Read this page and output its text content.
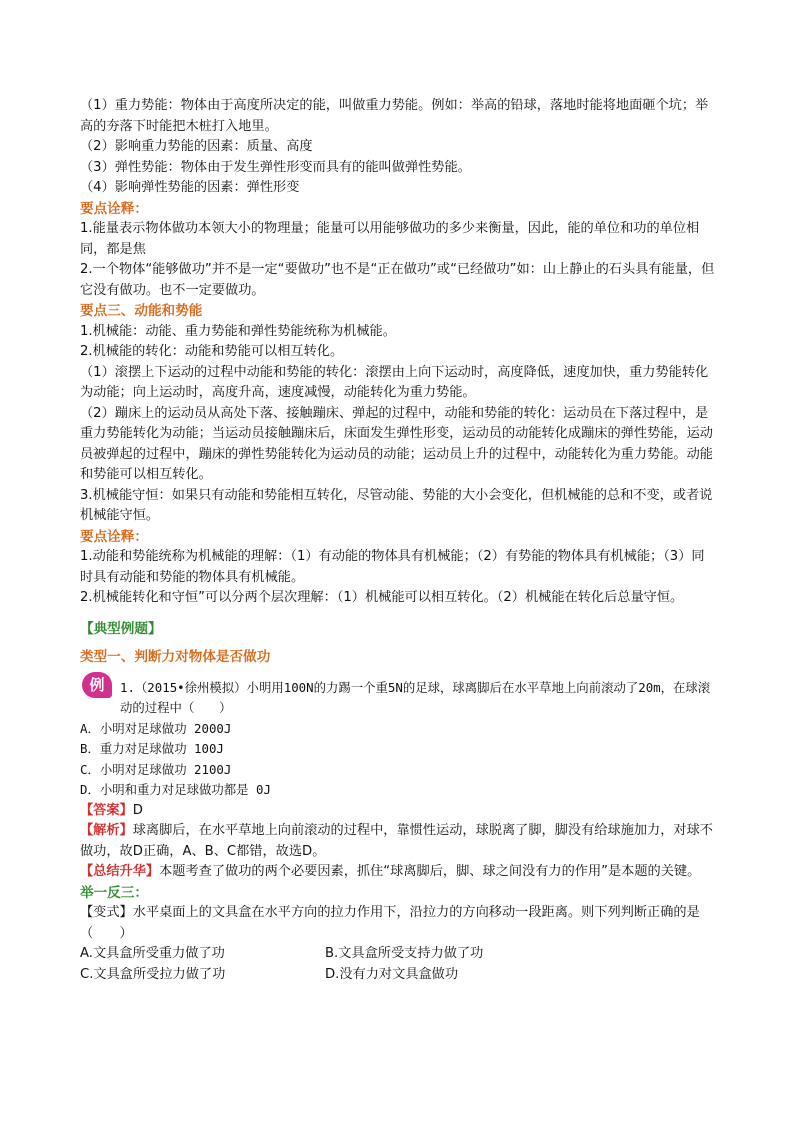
（1）重力势能：物体由于高度所决定的能，叫做重力势能。例如：举高的铅球，落地时能将地面砸个坑；举高的夯落下时能把木桩打入地里。

（2）影响重力势能的因素：质量、高度

（3）弹性势能：物体由于发生弹性形变而具有的能叫做弹性势能。

（4）影响弹性势能的因素：弹性形变

要点诠释：

1.能量表示物体做功本领大小的物理量；能量可以用能够做功的多少来衡量，因此，能的单位和功的单位相同，都是焦

2.一个物体“能够做功”并不是一定“要做功”也不是“正在做功”或“已经做功”如：山上静止的石头具有能量，但它没有做功。也不一定要做功。

要点三、动能和势能

1.机械能：动能、重力势能和弹性势能统称为机械能。

2.机械能的转化：动能和势能可以相互转化。

（1）滚摆上下运动的过程中动能和势能的转化：滚摆由上向下运动时，高度降低，速度加快，重力势能转化为动能；向上运动时，高度升高，速度减慢，动能转化为重力势能。

（2）蹦床上的运动员从高处下落、接触蹦床、弹起的过程中，动能和势能的转化：运动员在下落过程中，是重力势能转化为动能；当运动员接触蹦床后，床面发生弹性形变，运动员的动能转化成蹦床的弹性势能，运动员被弹起的过程中，蹦床的弹性势能转化为运动员的动能；运动员上升的过程中，动能转化为重力势能。动能和势能可以相互转化。

3.机械能守恒：如果只有动能和势能相互转化，尽管动能、势能的大小会变化，但机械能的总和不变，或者说机械能守恒。

要点诠释：

1.动能和势能统称为机械能的理解：（1）有动能的物体具有机械能；（2）有势能的物体具有机械能；（3）同时具有动能和势能的物体具有机械能。

2.机械能转化和守恒”可以分两个层次理解：（1）机械能可以相互转化。（2）机械能在转化后总量守恒。

【典型例题】

类型一、判断力对物体是否做功

例	1.（2015•徐州模拟）小明用100N的力踢一个重5N的足球，球离脚后在水平草地上向前滚动了20m，在球滚动的过程中（　　）

A．小明对足球做功 2000J

B．重力对足球做功 100J

C．小明对足球做功 2100J

D．小明和重力对足球做功都是 0J

【答案】D

【解析】球离脚后，在水平草地上向前滚动的过程中，靠惯性运动，球脱离了脚，脚没有给球施加力，对球不做功，故D正确，A、B、C都错，故选D。

【总结升华】本题考查了做功的两个必要因素，抓住“球离脚后，脚、球之间没有力的作用”是本题的关键。

举一反三：

【变式】水平桌面上的文具盒在水平方向的拉力作用下，沿拉力的方向移动一段距离。则下列判断正确的是（　　）

A.文具盒所受重力做了功	B.文具盒所受支持力做了功
C.文具盒所受拉力做了功	D.没有力对文具盒做功
